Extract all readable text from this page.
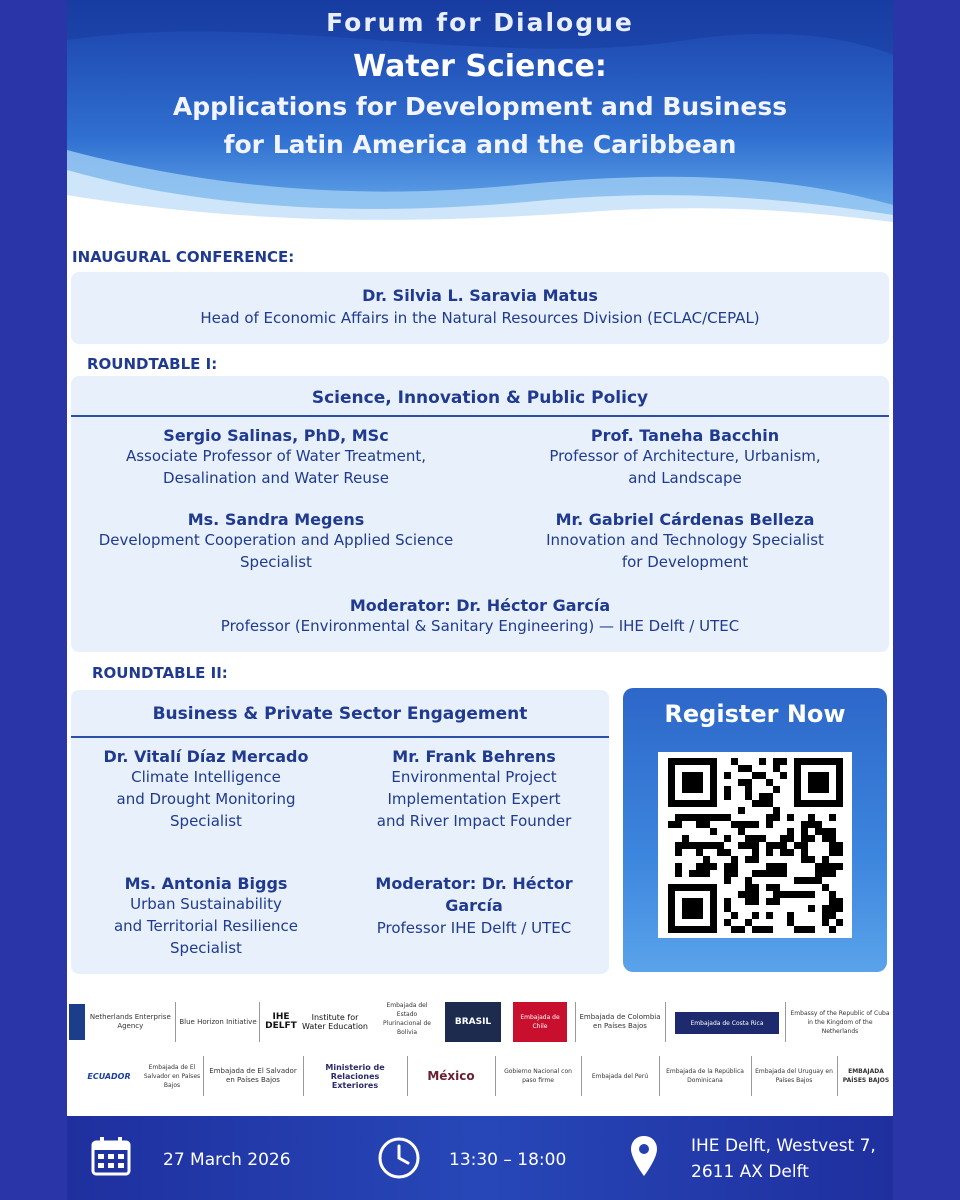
Forum for Dialogue
Water Science:
Applications for Development and Business
for Latin America and the Caribbean
INAUGURAL CONFERENCE:
Dr. Silvia L. Saravia Matus
Head of Economic Affairs in the Natural Resources Division (ECLAC/CEPAL)
ROUNDTABLE I:
Science, Innovation & Public Policy
Sergio Salinas, PhD, MSc
Associate Professor of Water Treatment,
Desalination and Water Reuse
Prof. Taneha Bacchin
Professor of Architecture, Urbanism,
and Landscape
Ms. Sandra Megens
Development Cooperation and Applied Science
Specialist
Mr. Gabriel Cárdenas Belleza
Innovation and Technology Specialist
for Development
Moderator: Dr. Héctor García
Professor (Environmental & Sanitary Engineering) — IHE Delft / UTEC
ROUNDTABLE II:
Business & Private Sector Engagement
Dr. Vitalí Díaz Mercado
Climate Intelligence
and Drought Monitoring
Specialist
Mr. Frank Behrens
Environmental Project
Implementation Expert
and River Impact Founder
Ms. Antonia Biggs
Urban Sustainability
and Territorial Resilience
Specialist
Moderator: Dr. Héctor
García
Professor IHE Delft / UTEC
Register Now
Netherlands Enterprise Agency
Blue Horizon Initiative	IHE DELFT
Institute for Water Education
Embajada del Estado Plurinacional de Bolivia
BRASIL	Embajada de Chile
Embajada de Colombia en Países Bajos	Embajada de Costa Rica
Embassy of the Republic of Cuba in the Kingdom of the Netherlands
ECUADOR
Embajada de El Salvador en Países Bajos
Embajada de El Salvador en Países Bajos
Ministerio de Relaciones Exteriores
México	Gobierno Nacional con paso firme
Embajada del Perú
Embajada de la República Dominicana
Embajada del Uruguay en Países Bajos
EMBAJADA PAÍSES BAJOS
27 March 2026	13:30 – 18:00
IHE Delft, Westvest 7,
2611 AX Delft
